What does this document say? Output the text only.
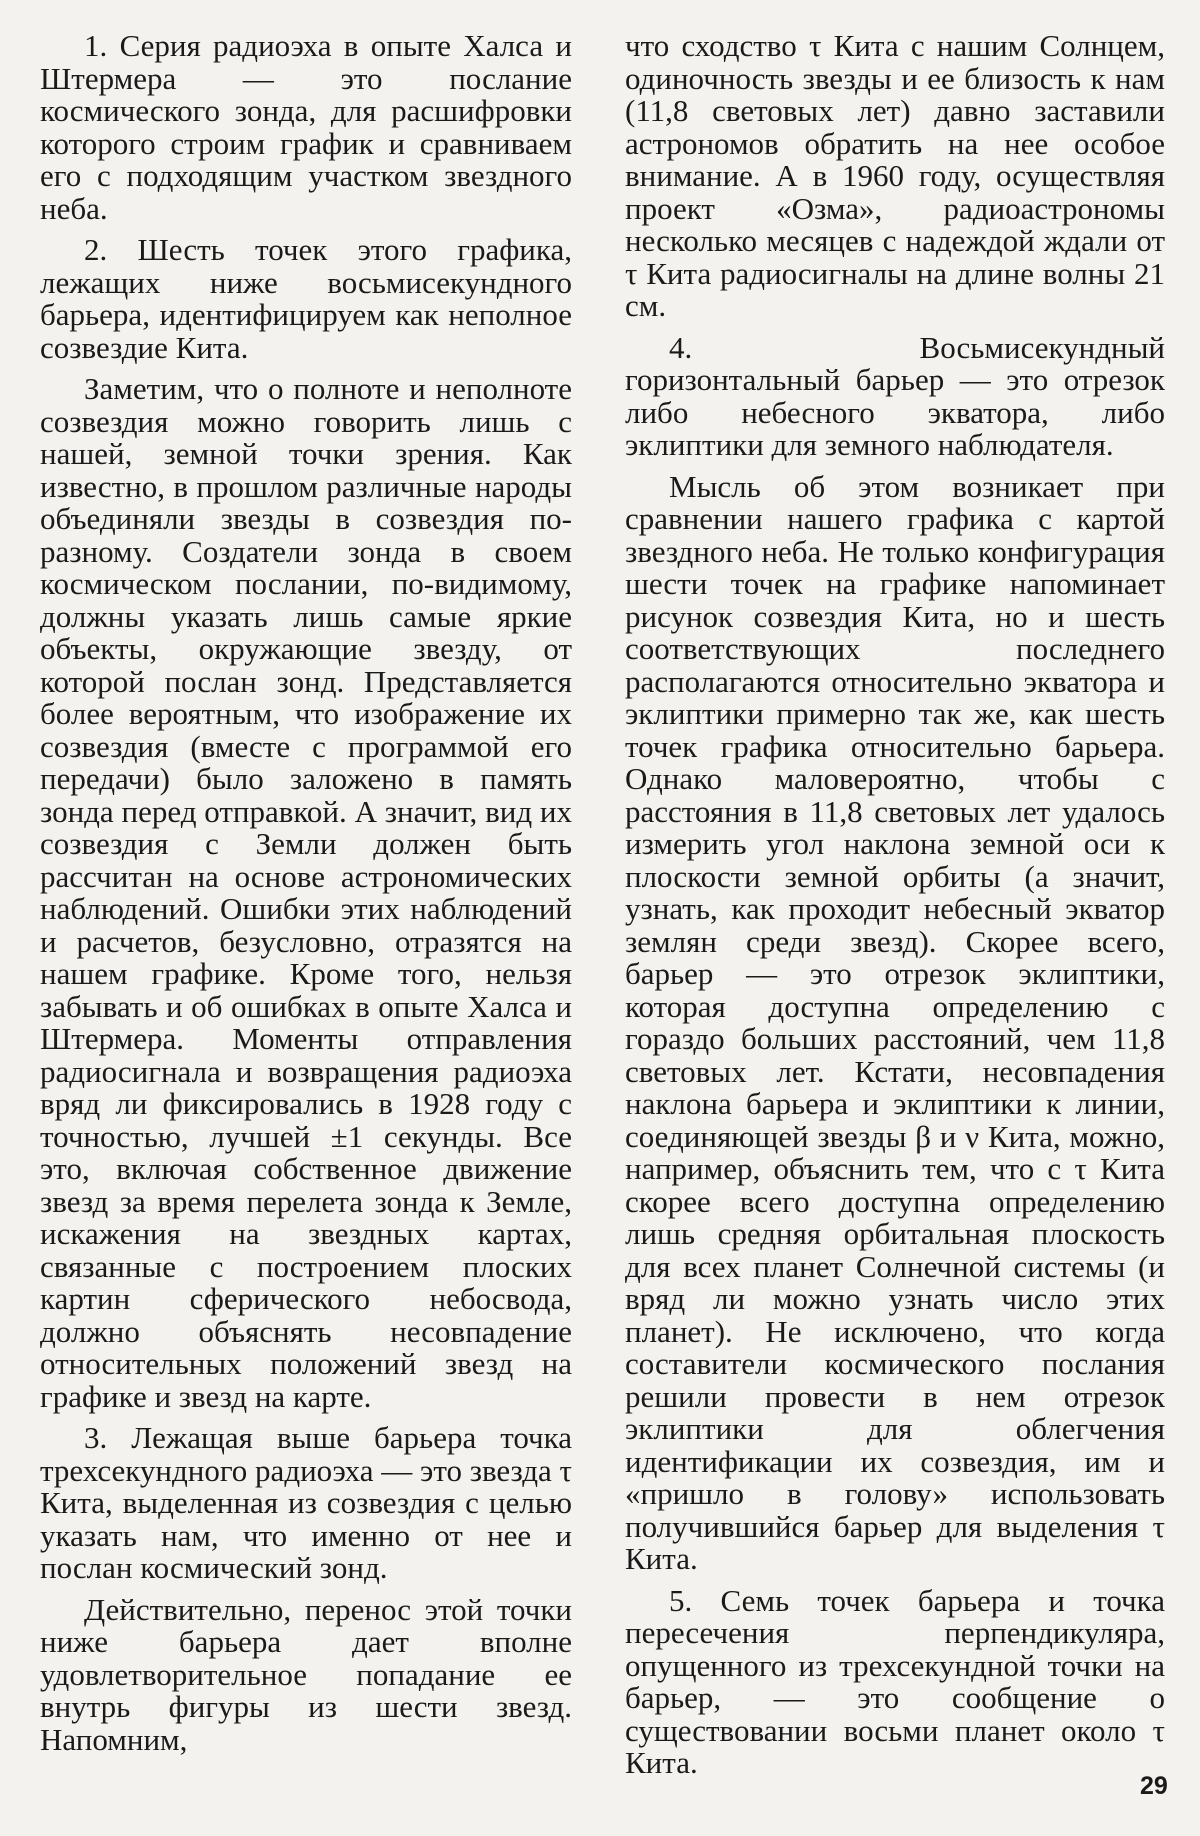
1. Серия радиоэха в опыте Халса и Штермера — это послание космического зонда, для расшифровки которого строим график и сравниваем его с подходящим участком звездного неба.

2. Шесть точек этого графика, лежащих ниже восьмисекундного барьера, идентифицируем как неполное созвездие Кита.

Заметим, что о полноте и неполноте созвездия можно говорить лишь с нашей, земной точки зрения. Как известно, в прошлом различные народы объединяли звезды в созвездия по-разному. Создатели зонда в своем космическом послании, по-видимому, должны указать лишь самые яркие объекты, окружающие звезду, от которой послан зонд. Представляется более вероятным, что изображение их созвездия (вместе с программой его передачи) было заложено в память зонда перед отправкой. А значит, вид их созвездия с Земли должен быть рассчитан на основе астрономических наблюдений. Ошибки этих наблюдений и расчетов, безусловно, отразятся на нашем графике. Кроме того, нельзя забывать и об ошибках в опыте Халса и Штермера. Моменты отправления радиосигнала и возвращения радиоэха вряд ли фиксировались в 1928 году с точностью, лучшей ±1 секунды. Все это, включая собственное движение звезд за время перелета зонда к Земле, искажения на звездных картах, связанные с построением плоских картин сферического небосвода, должно объяснять несовпадение относительных положений звезд на графике и звезд на карте.

3. Лежащая выше барьера точка трехсекундного радиоэха — это звезда τ Кита, выделенная из созвездия с целью указать нам, что именно от нее и послан космический зонд.

Действительно, перенос этой точки ниже барьера дает вполне удовлетворительное попадание ее внутрь фигуры из шести звезд. Напомним,

что сходство τ Кита с нашим Солнцем, одиночность звезды и ее близость к нам (11,8 световых лет) давно заставили астрономов обратить на нее особое внимание. А в 1960 году, осуществляя проект «Озма», радиоастрономы несколько месяцев с надеждой ждали от τ Кита радиосигналы на длине волны 21 см.

4. Восьмисекундный горизонтальный барьер — это отрезок либо небесного экватора, либо эклиптики для земного наблюдателя.

Мысль об этом возникает при сравнении нашего графика с картой звездного неба. Не только конфигурация шести точек на графике напоминает рисунок созвездия Кита, но и шесть соответствующих последнего располагаются относительно экватора и эклиптики примерно так же, как шесть точек графика относительно барьера. Однако маловероятно, чтобы с расстояния в 11,8 световых лет удалось измерить угол наклона земной оси к плоскости земной орбиты (а значит, узнать, как проходит небесный экватор землян среди звезд). Скорее всего, барьер — это отрезок эклиптики, которая доступна определению с гораздо больших расстояний, чем 11,8 световых лет. Кстати, несовпадения наклона барьера и эклиптики к линии, соединяющей звезды β и ν Кита, можно, например, объяснить тем, что с τ Кита скорее всего доступна определению лишь средняя орбитальная плоскость для всех планет Солнечной системы (и вряд ли можно узнать число этих планет). Не исключено, что когда составители космического послания решили провести в нем отрезок эклиптики для облегчения идентификации их созвездия, им и «пришло в голову» использовать получившийся барьер для выделения τ Кита.

5. Семь точек барьера и точка пересечения перпендикуляра, опущенного из трехсекундной точки на барьер, — это сообщение о существовании восьми планет около τ Кита.

29
